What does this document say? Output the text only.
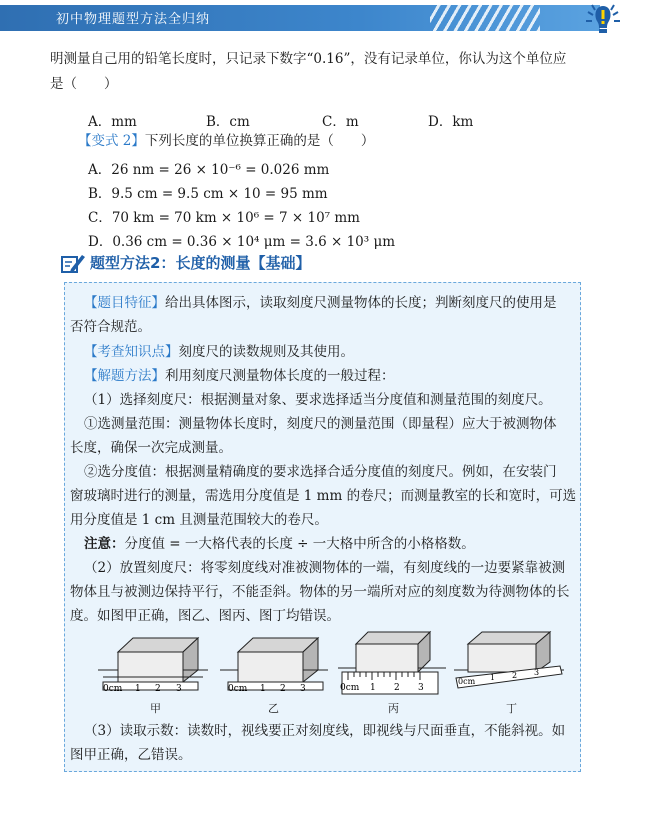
初中物理题型方法全归纳
明测量自己用的铅笔长度时，只记录下数字“0.16”，没有记录单位，你认为这个单位应
是（　　）
A．mm	B．cm	C．m	D．km
【变式 2】下列长度的单位换算正确的是（　　）
A．26 nm = 26 × 10⁻⁶ = 0.026 mm
B．9.5 cm = 9.5 cm × 10 = 95 mm
C．70 km = 70 km × 10⁶ = 7 × 10⁷ mm
D．0.36 cm = 0.36 × 10⁴ μm = 3.6 × 10³ μm
题型方法2：长度的测量【基础】
【题目特征】给出具体图示，读取刻度尺测量物体的长度；判断刻度尺的使用是
否符合规范。
【考查知识点】刻度尺的读数规则及其使用。
【解题方法】利用刻度尺测量物体长度的一般过程：
（1）选择刻度尺：根据测量对象、要求选择适当分度值和测量范围的刻度尺。
①选测量范围：测量物体长度时，刻度尺的测量范围（即量程）应大于被测物体
长度，确保一次完成测量。
②选分度值：根据测量精确度的要求选择合适分度值的刻度尺。例如，在安装门
窗玻璃时进行的测量，需选用分度值是 1 mm 的卷尺；而测量教室的长和宽时，可选
用分度值是 1 cm 且测量范围较大的卷尺。
注意：分度值 = 一大格代表的长度 ÷ 一大格中所含的小格格数。
（2）放置刻度尺：将零刻度线对准被测物体的一端，有刻度线的一边要紧靠被测
物体且与被测边保持平行，不能歪斜。物体的另一端所对应的刻度数为待测物体的长
度。如图甲正确，图乙、图丙、图丁均错误。
0cm 1 2 3	0cm 1 2 3	0cm 1 2 3
0cm 1 2 3
甲	乙	丙	丁
（3）读取示数：读数时，视线要正对刻度线，即视线与尺面垂直，不能斜视。如
图甲正确，乙错误。
